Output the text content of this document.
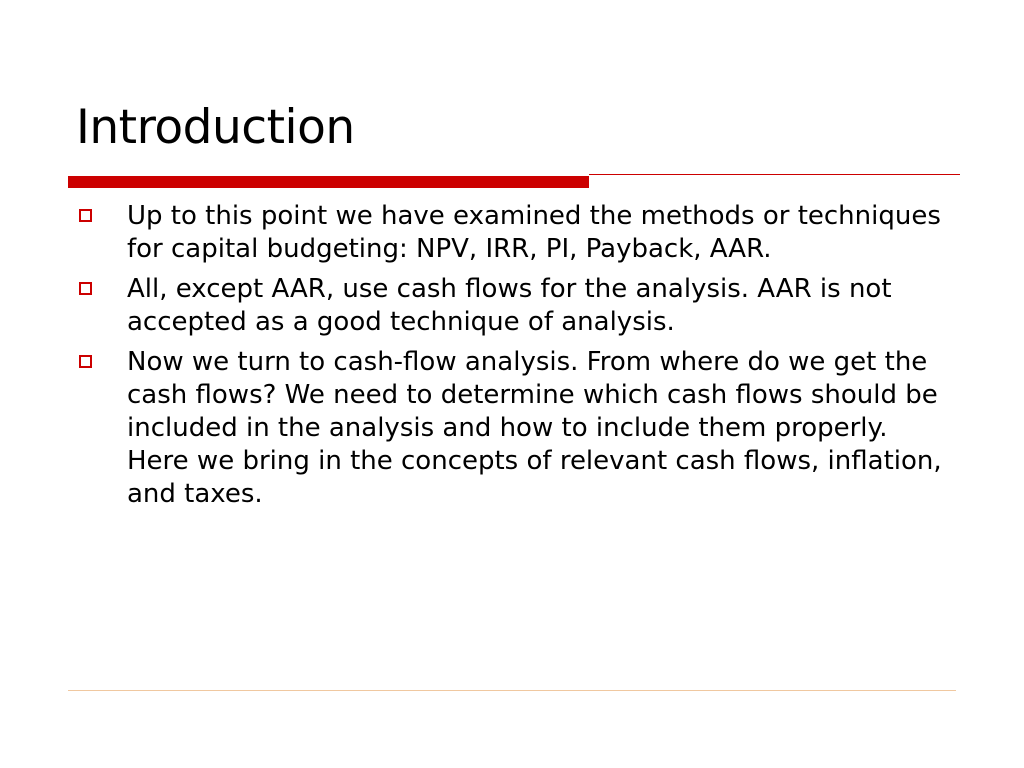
Introduction
Up to this point we have examined the methods or techniques for capital budgeting: NPV, IRR, PI, Payback, AAR.
All, except AAR, use cash flows for the analysis. AAR is not accepted as a good technique of analysis.
Now we turn to cash-flow analysis. From where do we get the cash flows? We need to determine which cash flows should be included in the analysis and how to include them properly. Here we bring in the concepts of relevant cash flows, inflation, and taxes.
